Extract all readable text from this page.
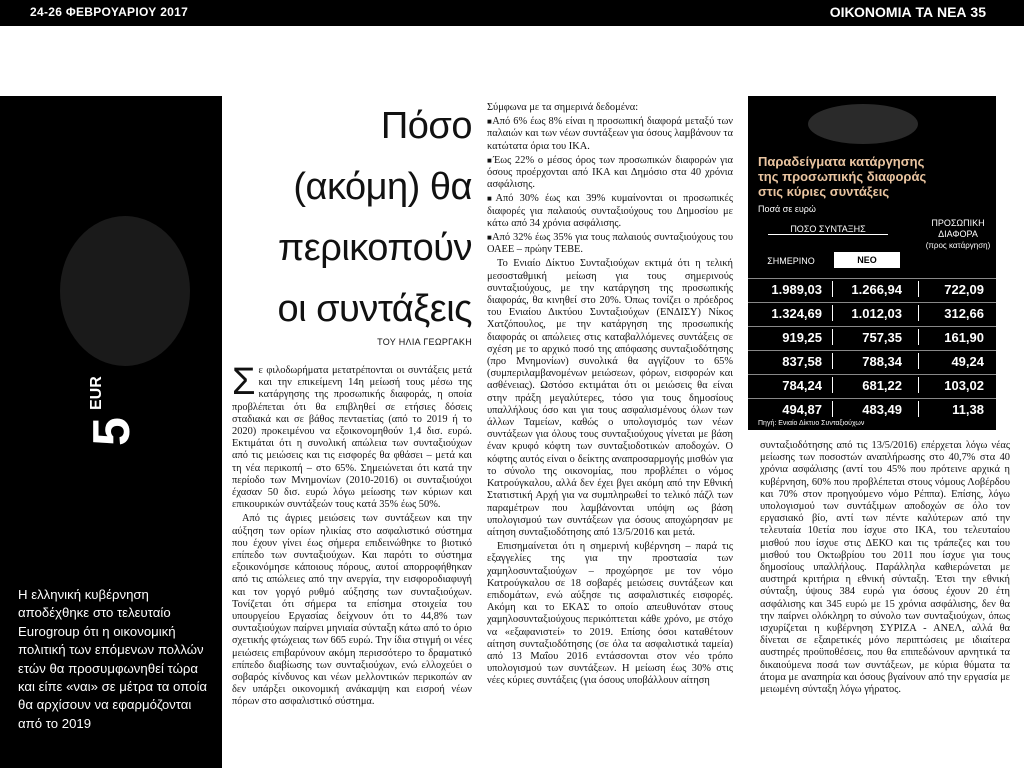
24-26 ΦΕΒΡΟΥΑΡΙΟΥ 2017	ΟΙΚΟΝΟΜΙΑ ΤΑ ΝΕΑ 35
5
EUR

Η ελληνική κυβέρνηση αποδέχθηκε στο τελευταίο Eurogroup ότι η οικονομική πολιτική των επόμενων πολλών ετών θα προσυμφωνηθεί τώρα και είπε «ναι» σε μέτρα τα οποία θα αρχίσουν να εφαρμόζονται από το 2019

Πόσο
(ακόμη) θα
περικοπούν
οι συντάξεις
ΤΟΥ ΗΛΙΑ ΓΕΩΡΓΑΚΗ

Σε φιλοδωρήματα μετατρέπονται οι συντάξεις μετά και την επικείμενη 14η μείωσή τους μέσω της κατάργησης της προσωπικής διαφοράς, η οποία προβλέπεται ότι θα επιβληθεί σε ετήσιες δόσεις σταδιακά και σε βάθος πενταετίας (από το 2019 ή το 2020) προκειμένου να εξοικονομηθούν 1,4 δισ. ευρώ. Εκτιμάται ότι η συνολική απώλεια των συνταξιούχων από τις μειώσεις και τις εισφορές θα φθάσει – μετά και τη νέα περικοπή – στο 65%. Σημειώνεται ότι κατά την περίοδο των Μνημονίων (2010-2016) οι συνταξιούχοι έχασαν 50 δισ. ευρώ λόγω μείωσης των κύριων και επικουρικών συντάξεών τους κατά 35% έως 50%.

Από τις άγριες μειώσεις των συντάξεων και την αύξηση των ορίων ηλικίας στο ασφαλιστικό σύστημα που έχουν γίνει έως σήμερα επιδεινώθηκε το βιοτικό επίπεδο των συνταξιούχων. Και παρότι το σύστημα εξοικονόμησε κάποιους πόρους, αυτοί απορροφήθηκαν από τις απώλειες από την ανεργία, την εισφοροδιαφυγή και τον γοργό ρυθμό αύξησης των συνταξιούχων. Τονίζεται ότι σήμερα τα επίσημα στοιχεία του υπουργείου Εργασίας δείχνουν ότι το 44,8% των συνταξιούχων παίρνει μηνιαία σύνταξη κάτω από το όριο σχετικής φτώχειας των 665 ευρώ. Την ίδια στιγμή οι νέες μειώσεις επιβαρύνουν ακόμη περισσότερο το δραματικό επίπεδο διαβίωσης των συνταξιούχων, ενώ ελλοχεύει ο σοβαρός κίνδυνος και νέων μελλοντικών περικοπών αν δεν υπάρξει οικονομική ανάκαμψη και εισροή νέων πόρων στο ασφαλιστικό σύστημα.

Σύμφωνα με τα σημερινά δεδομένα:

■ Από 6% έως 8% είναι η προσωπική διαφορά μεταξύ των παλαιών και των νέων συντάξεων για όσους λαμβάνουν τα κατώτατα όρια του ΙΚΑ.

■ Έως 22% ο μέσος όρος των προσωπικών διαφορών για όσους προέρχονται από ΙΚΑ και Δημόσιο στα 40 χρόνια ασφάλισης.

■ Από 30% έως και 39% κυμαίνονται οι προσωπικές διαφορές για παλαιούς συνταξιούχους του Δημοσίου με κάτω από 34 χρόνια ασφάλισης.

■ Από 32% έως 35% για τους παλαιούς συνταξιούχους του ΟΑΕΕ – πρώην ΤΕΒΕ.

Το Ενιαίο Δίκτυο Συνταξιούχων εκτιμά ότι η τελική μεσοσταθμική μείωση για τους σημερινούς συνταξιούχους, με την κατάργηση της προσωπικής διαφοράς, θα κινηθεί στο 20%. Όπως τονίζει ο πρόεδρος του Ενιαίου Δικτύου Συνταξιούχων (ΕΝΔΙΣΥ) Νίκος Χατζόπουλος, με την κατάργηση της προσωπικής διαφοράς οι απώλειες στις καταβαλλόμενες συντάξεις σε σχέση με το αρχικό ποσό της απόφασης συνταξιοδότησης (προ Μνημονίων) συνολικά θα αγγίζουν το 65% (συμπεριλαμβανομένων μειώσεων, φόρων, εισφορών και ασθένειας). Ωστόσο εκτιμάται ότι οι μειώσεις θα είναι στην πράξη μεγαλύτερες, τόσο για τους δημοσίους υπαλλήλους όσο και για τους ασφαλισμένους όλων των άλλων Ταμείων, καθώς ο υπολογισμός των νέων συντάξεων για όλους τους συνταξιούχους γίνεται με βάση έναν κρυφό κόφτη των συνταξιοδοτικών αποδοχών. Ο κόφτης αυτός είναι ο δείκτης αναπροσαρμογής μισθών για το σύνολο της οικονομίας, που προβλέπει ο νόμος Κατρούγκαλου, αλλά δεν έχει βγει ακόμη από την Εθνική Στατιστική Αρχή για να συμπληρωθεί το τελικό πάζλ των παραμέτρων που λαμβάνονται υπόψη ως βάση υπολογισμού των συντάξεων για όσους αποχώρησαν με αίτηση συνταξιοδότησης από 13/5/2016 και μετά.

Επισημαίνεται ότι η σημερινή κυβέρνηση – παρά τις εξαγγελίες της για την προστασία των χαμηλοσυνταξιούχων – προχώρησε με τον νόμο Κατρούγκαλου σε 18 σοβαρές μειώσεις συντάξεων και επιδομάτων, ενώ αύξησε τις ασφαλιστικές εισφορές. Ακόμη και το ΕΚΑΣ το οποίο απευθυνόταν στους χαμηλοσυνταξιούχους περικόπτεται κάθε χρόνο, με στόχο να «εξαφανιστεί» το 2019. Επίσης όσοι καταθέτουν αίτηση συνταξιοδότησης (σε όλα τα ασφαλιστικά ταμεία) από 13 Μαΐου 2016 εντάσσονται στον νέο τρόπο υπολογισμού των συντάξεων. Η μείωση έως 30% στις νέες κύριες συντάξεις (για όσους υποβάλλουν αίτηση

Παραδείγματα κατάργησης
της προσωπικής διαφοράς
στις κύριες συντάξεις
Ποσά σε ευρώ
ΠΟΣΟ ΣΥΝΤΑΞΗΣ
ΠΡΟΣΩΠΙΚΗ ΔΙΑΦΟΡΑ
(προς κατάργηση)
ΣΗΜΕΡΙΝΟ	ΝΕΟ
1.989,03	1.266,94	722,09
1.324,69	1.012,03	312,66
919,25	757,35	161,90
837,58	788,34	49,24
784,24	681,22	103,02
494,87	483,49	11,38
Πηγή: Ενιαίο Δίκτυο Συνταξιούχων

συνταξιοδότησης από τις 13/5/2016) επέρχεται λόγω νέας μείωσης των ποσοστών αναπλήρωσης στο 40,7% στα 40 χρόνια ασφάλισης (αντί του 45% που πρότεινε αρχικά η κυβέρνηση, 60% που προβλέπεται στους νόμους Λοβέρδου και 70% στον προηγούμενο νόμο Ρέππα). Επίσης, λόγω υπολογισμού των συντάξιμων αποδοχών σε όλο τον εργασιακό βίο, αντί των πέντε καλύτερων από την τελευταία 10ετία που ίσχυε στο ΙΚΑ, του τελευταίου μισθού που ίσχυε στις ΔΕΚΟ και τις τράπεζες και του μισθού του Οκτωβρίου του 2011 που ίσχυε για τους δημοσίους υπαλλήλους. Παράλληλα καθιερώνεται με αυστηρά κριτήρια η εθνική σύνταξη. Έτσι την εθνική σύνταξη, ύψους 384 ευρώ για όσους έχουν 20 έτη ασφάλισης και 345 ευρώ με 15 χρόνια ασφάλισης, δεν θα την παίρνει ολόκληρη το σύνολο των συνταξιούχων, όπως ισχυρίζεται η κυβέρνηση ΣΥΡΙΖΑ - ΑΝΕΛ, αλλά θα δίνεται σε εξαιρετικές μόνο περιπτώσεις με ιδιαίτερα αυστηρές προϋποθέσεις, που θα επιπεδώνουν αρνητικά τα δικαιούμενα ποσά των συντάξεων, με κύρια θύματα τα άτομα με αναπηρία και όσους βγαίνουν από την εργασία με μειωμένη σύνταξη λόγω γήρατος.
